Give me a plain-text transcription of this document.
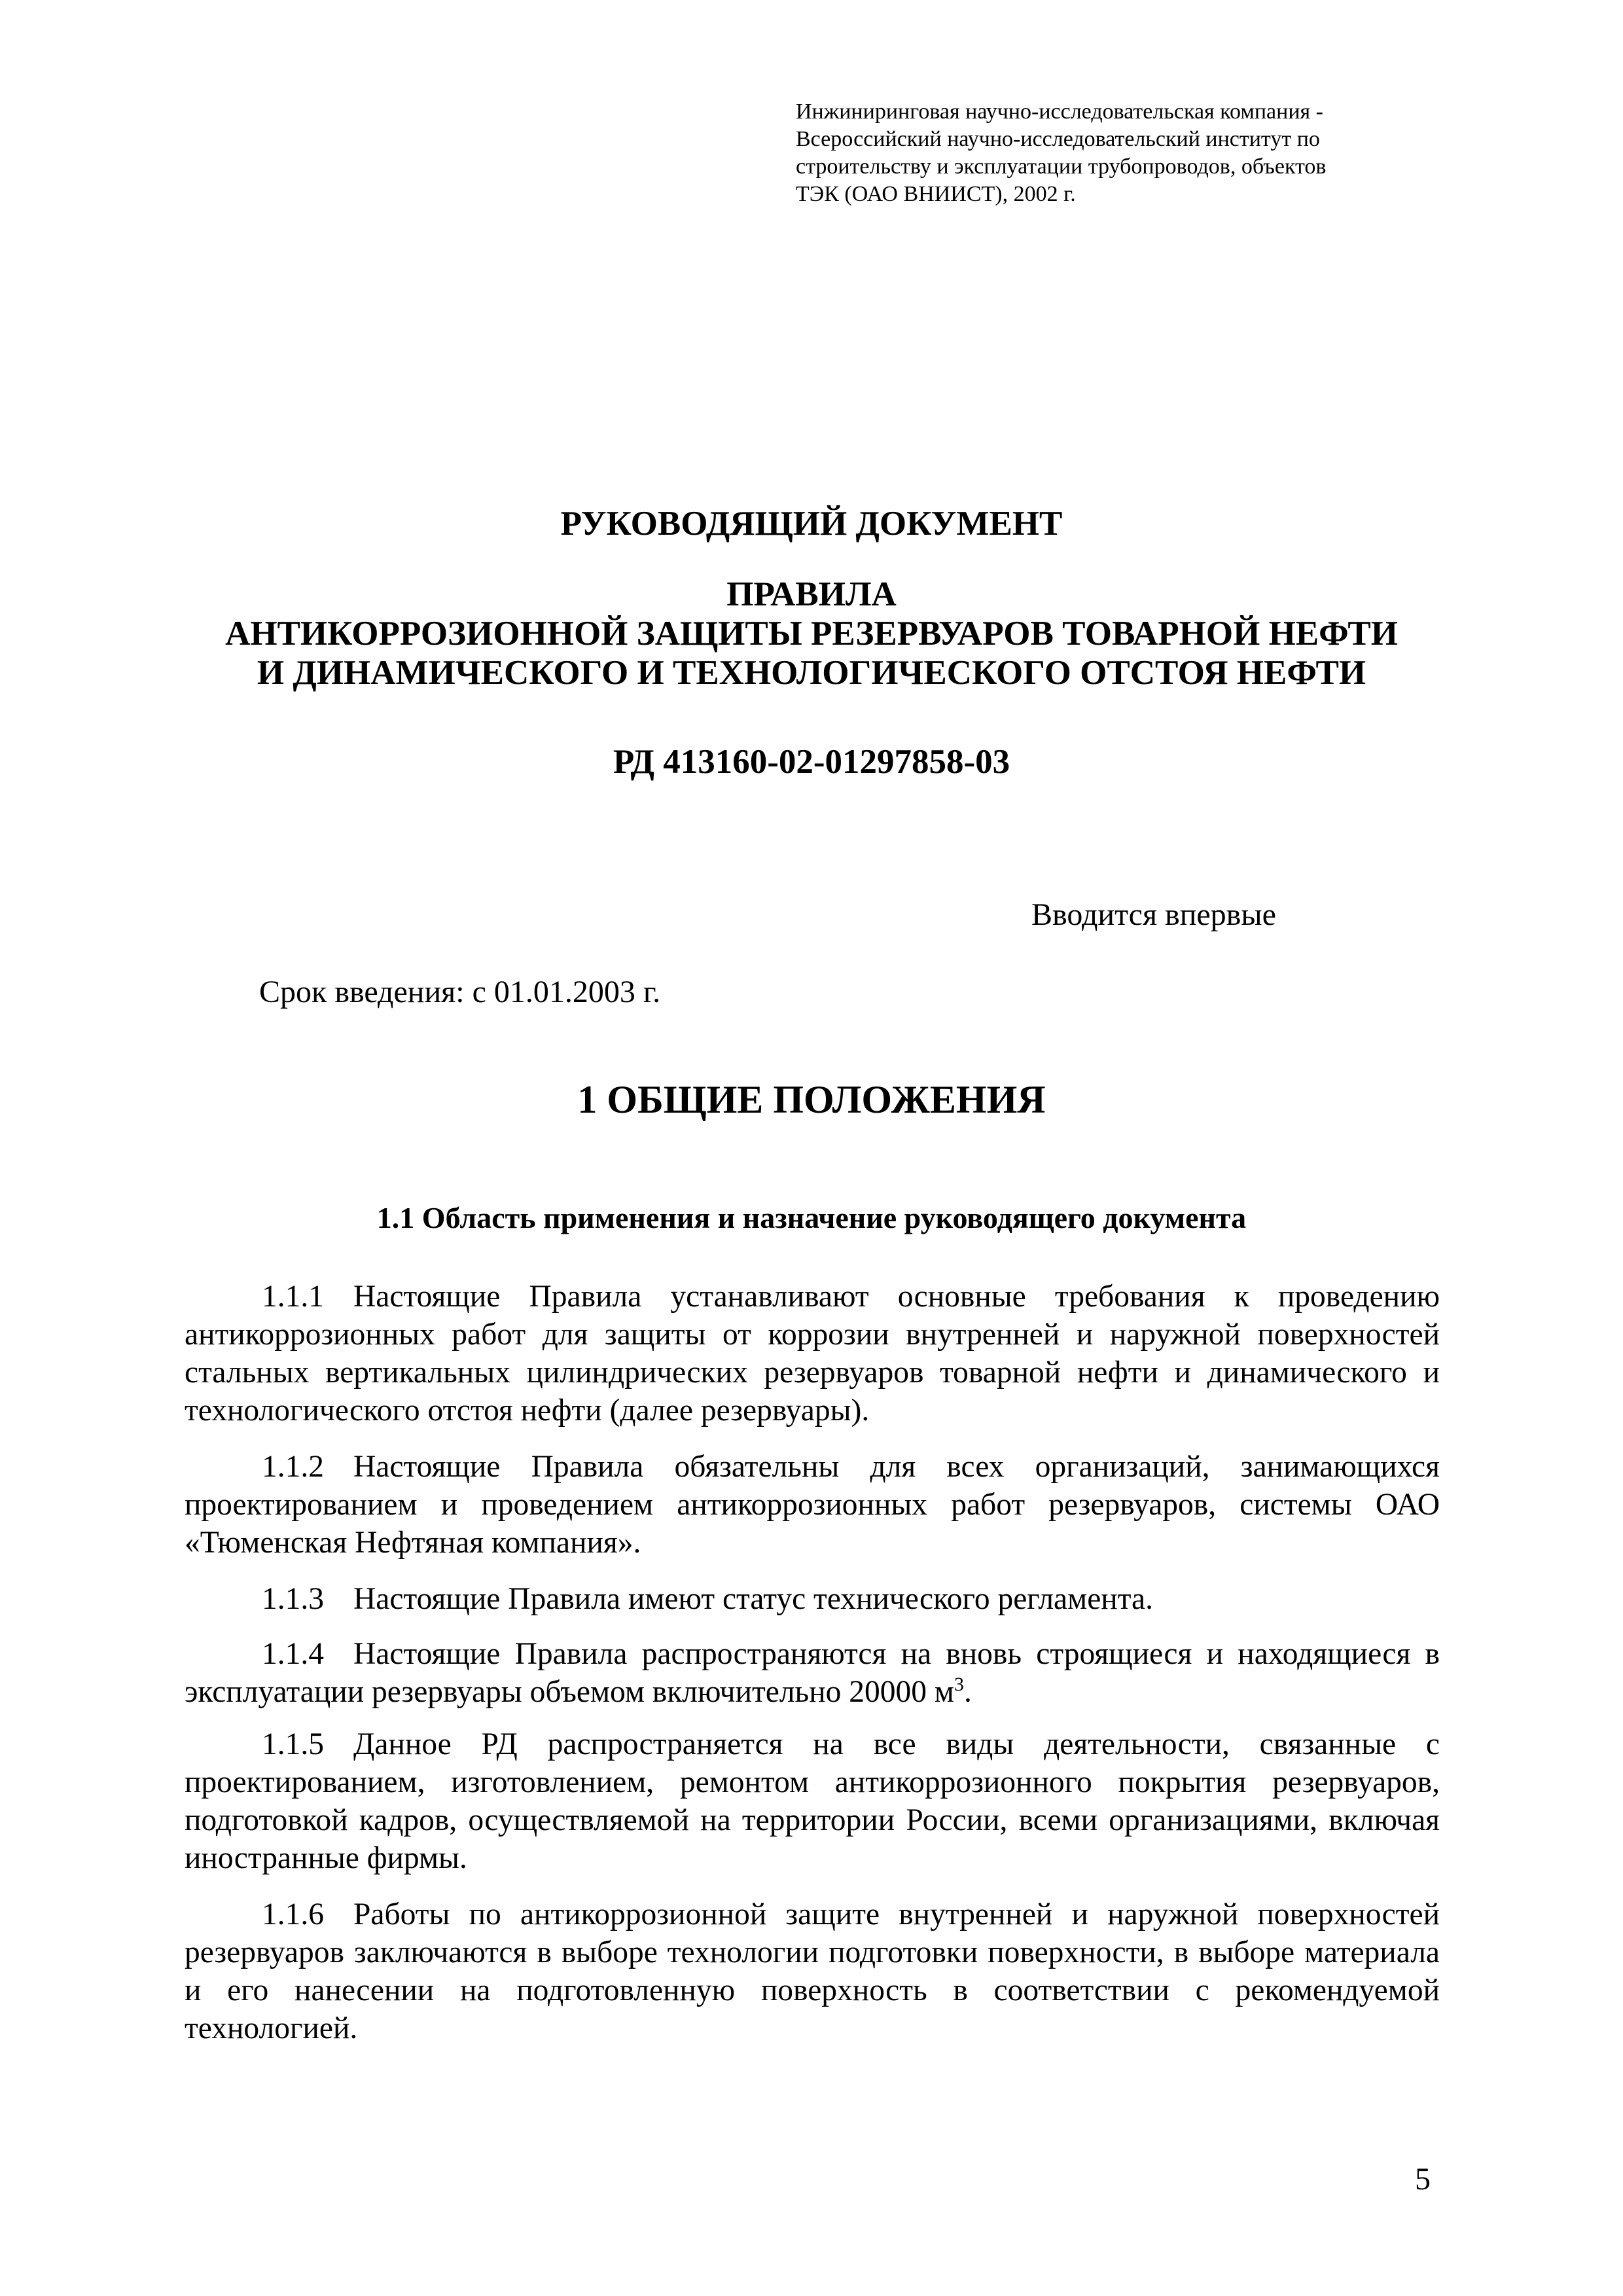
Инжиниринговая научно-исследовательская компания -
Всероссийский научно-исследовательский институт по
строительству и эксплуатации трубопроводов, объектов
ТЭК (ОАО ВНИИСТ), 2002 г.
РУКОВОДЯЩИЙ ДОКУМЕНТ
ПРАВИЛА
АНТИКОРРОЗИОННОЙ ЗАЩИТЫ РЕЗЕРВУАРОВ ТОВАРНОЙ НЕФТИ
И ДИНАМИЧЕСКОГО И ТЕХНОЛОГИЧЕСКОГО ОТСТОЯ НЕФТИ
РД 413160-02-01297858-03
Вводится впервые
Срок введения: с 01.01.2003 г.
1 ОБЩИЕ ПОЛОЖЕНИЯ
1.1 Область применения и назначение руководящего документа

1.1.1 Настоящие Правила устанавливают основные требования к проведению антикоррозионных работ для защиты от коррозии внутренней и наружной поверхностей стальных вертикальных цилиндрических резервуаров товарной нефти и динамического и технологического отстоя нефти (далее резервуары).

1.1.2 Настоящие Правила обязательны для всех организаций, занимающихся проектированием и проведением антикоррозионных работ резервуаров, системы ОАО «Тюменская Нефтяная компания».

1.1.3 Настоящие Правила имеют статус технического регламента.

1.1.4 Настоящие Правила распространяются на вновь строящиеся и находящиеся в эксплуатации резервуары объемом включительно 20000 $м^3$.

1.1.5 Данное РД распространяется на все виды деятельности, связанные с проектированием, изготовлением, ремонтом антикоррозионного покрытия резервуаров, подготовкой кадров, осуществляемой на территории России, всеми организациями, включая иностранные фирмы.

1.1.6 Работы по антикоррозионной защите внутренней и наружной поверхностей резервуаров заключаются в выборе технологии подготовки поверхности, в выборе материала и его нанесении на подготовленную поверхность в соответствии с рекомендуемой технологией.

5
